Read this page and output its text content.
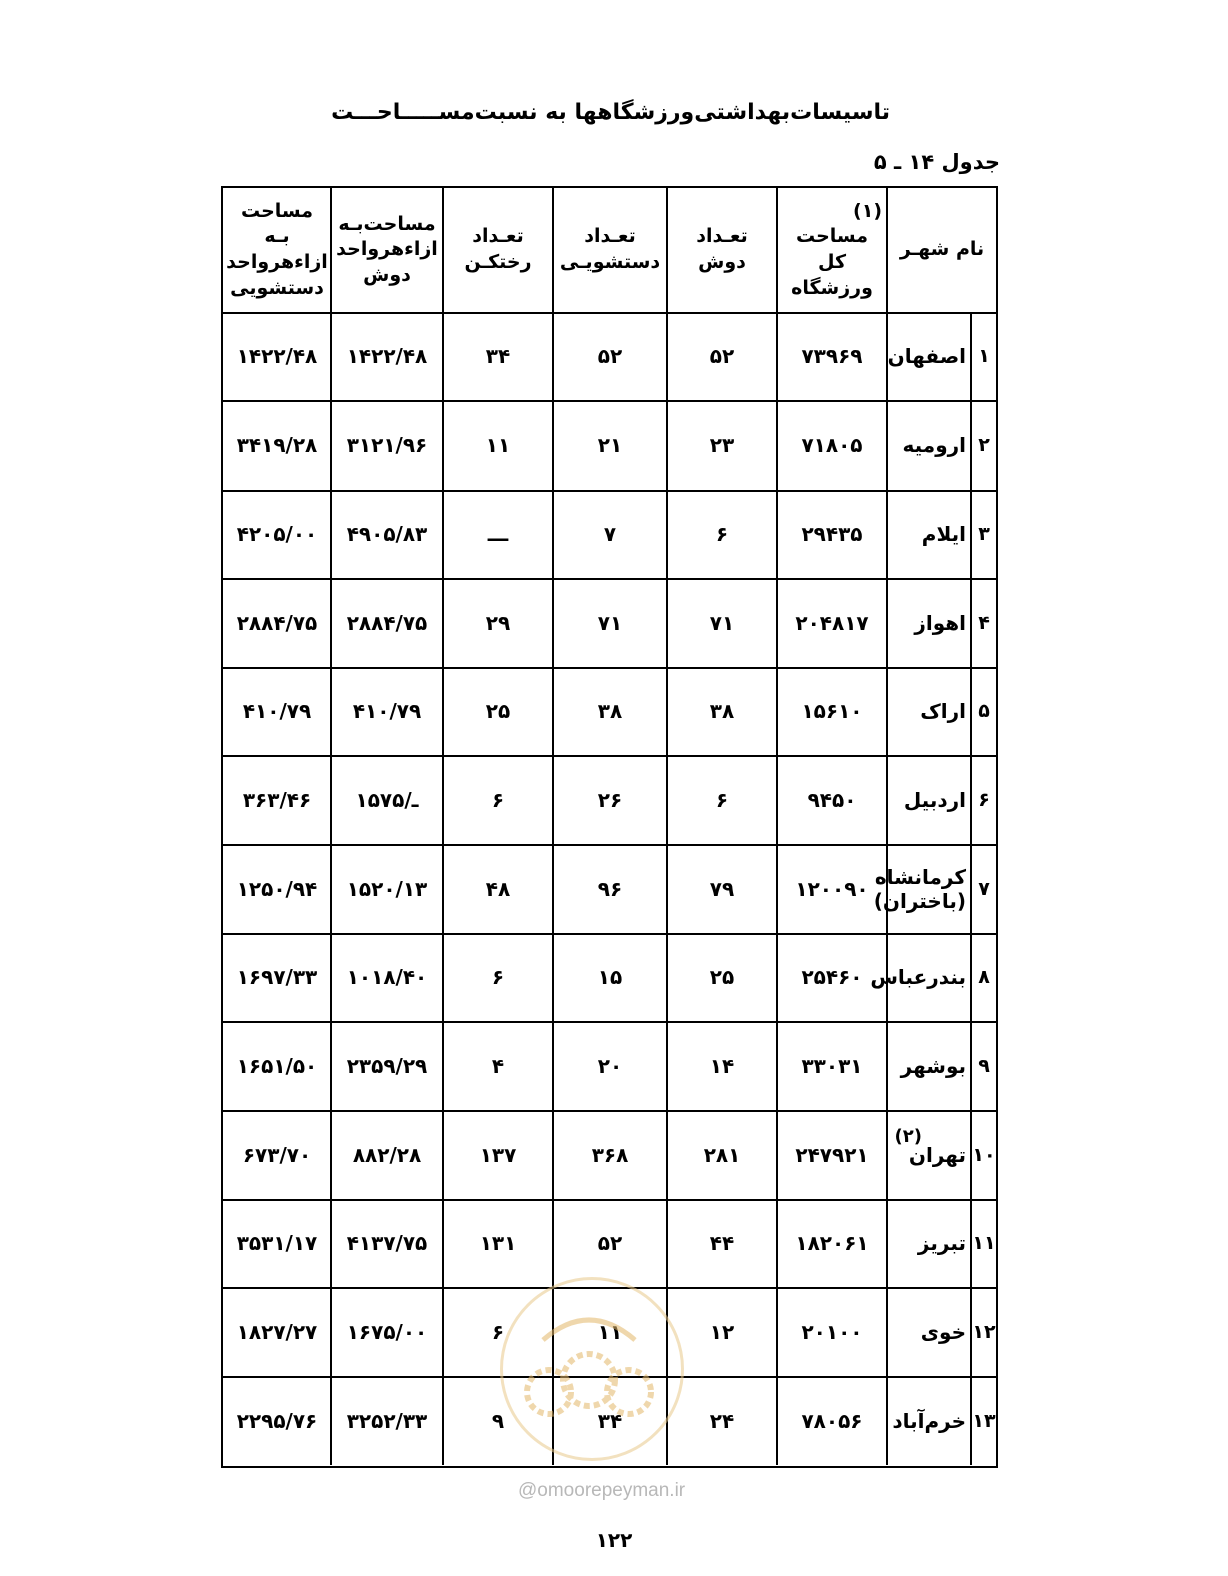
تاسیسات‌بهداشتی‌ورزشگاهها به نسبت‌مســـــاحـــت
جدول ۱۴ ـ ۵
نام شهـر
(۱)
مساحت کل ورزشگاه
تعـداد دوش
تعـداد دستشویـی
تعـداد رختکـن
مساحت‌بـه ازاء‌هرواحد دوش
مساحت بـه ازاء‌هرواحد دستشویی
۱
اصفهان
۷۳۹۶۹
۵۲
۵۲
۳۴
۱۴۲۲/۴۸
۱۴۲۲/۴۸
۲
ارومیه
۷۱۸۰۵
۲۳
۲۱
۱۱
۳۱۲۱/۹۶
۳۴۱۹/۲۸
۳
ایلام
۲۹۴۳۵
۶
۷
ـــ
۴۹۰۵/۸۳
۴۲۰۵/۰۰
۴
اهواز
۲۰۴۸۱۷
۷۱
۷۱
۲۹
۲۸۸۴/۷۵
۲۸۸۴/۷۵
۵
اراک
۱۵۶۱۰
۳۸
۳۸
۲۵
۴۱۰/۷۹
۴۱۰/۷۹
۶
اردبیل
۹۴۵۰
۶
۲۶
۶
۱۵۷۵/ـ
۳۶۳/۴۶
۷
کرمانشاه (باختران)
۱۲۰۰۹۰
۷۹
۹۶
۴۸
۱۵۲۰/۱۳
۱۲۵۰/۹۴
۸
بندرعباس
۲۵۴۶۰
۲۵
۱۵
۶
۱۰۱۸/۴۰
۱۶۹۷/۳۳
۹
بوشهر
۳۳۰۳۱
۱۴
۲۰
۴
۲۳۵۹/۲۹
۱۶۵۱/۵۰
۱۰
تهران
(۲)
۲۴۷۹۲۱
۲۸۱
۳۶۸
۱۳۷
۸۸۲/۲۸
۶۷۳/۷۰
۱۱
تبریز
۱۸۲۰۶۱
۴۴
۵۲
۱۳۱
۴۱۳۷/۷۵
۳۵۳۱/۱۷
۱۲
خوی
۲۰۱۰۰
۱۲
۱۱
۶
۱۶۷۵/۰۰
۱۸۲۷/۲۷
۱۳
خرم‌آباد
۷۸۰۵۶
۲۴
۳۴
۹
۳۲۵۲/۳۳
۲۲۹۵/۷۶
@omoorepeyman.ir
۱۲۲
